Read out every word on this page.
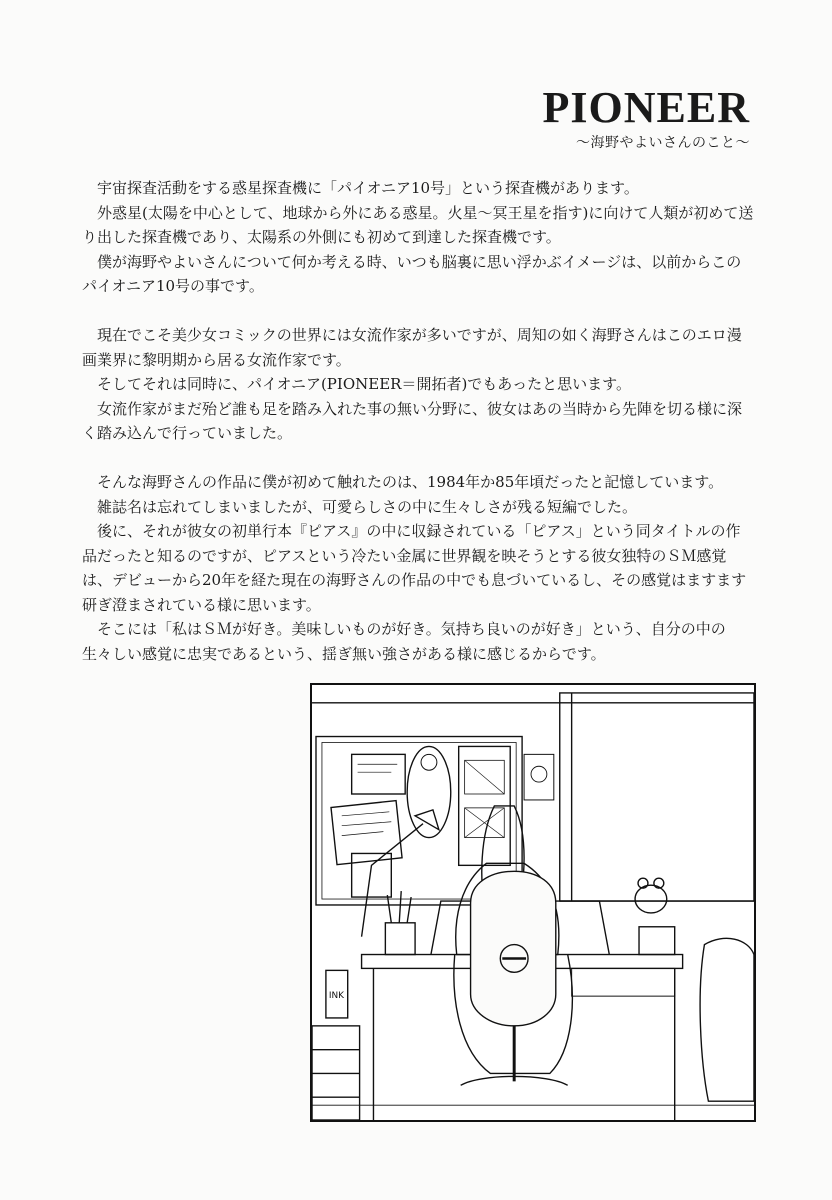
PIONEER

〜海野やよいさんのこと〜

宇宙探査活動をする惑星探査機に「パイオニア10号」という探査機があります。

外惑星(太陽を中心として、地球から外にある惑星。火星〜冥王星を指す)に向けて人類が初めて送り出した探査機であり、太陽系の外側にも初めて到達した探査機です。

僕が海野やよいさんについて何か考える時、いつも脳裏に思い浮かぶイメージは、以前からこのパイオニア10号の事です。

現在でこそ美少女コミックの世界には女流作家が多いですが、周知の如く海野さんはこのエロ漫画業界に黎明期から居る女流作家です。

そしてそれは同時に、パイオニア(PIONEER＝開拓者)でもあったと思います。

女流作家がまだ殆ど誰も足を踏み入れた事の無い分野に、彼女はあの当時から先陣を切る様に深く踏み込んで行っていました。

そんな海野さんの作品に僕が初めて触れたのは、1984年か85年頃だったと記憶しています。

雑誌名は忘れてしまいましたが、可愛らしさの中に生々しさが残る短編でした。

後に、それが彼女の初単行本『ピアス』の中に収録されている「ピアス」という同タイトルの作品だったと知るのですが、ピアスという冷たい金属に世界観を映そうとする彼女独特のＳＭ感覚は、デビューから20年を経た現在の海野さんの作品の中でも息づいているし、その感覚はますます研ぎ澄まされている様に思います。

そこには「私はＳＭが好き。美味しいものが好き。気持ち良いのが好き」という、自分の中の生々しい感覚に忠実であるという、揺ぎ無い強さがある様に感じるからです。

INK
